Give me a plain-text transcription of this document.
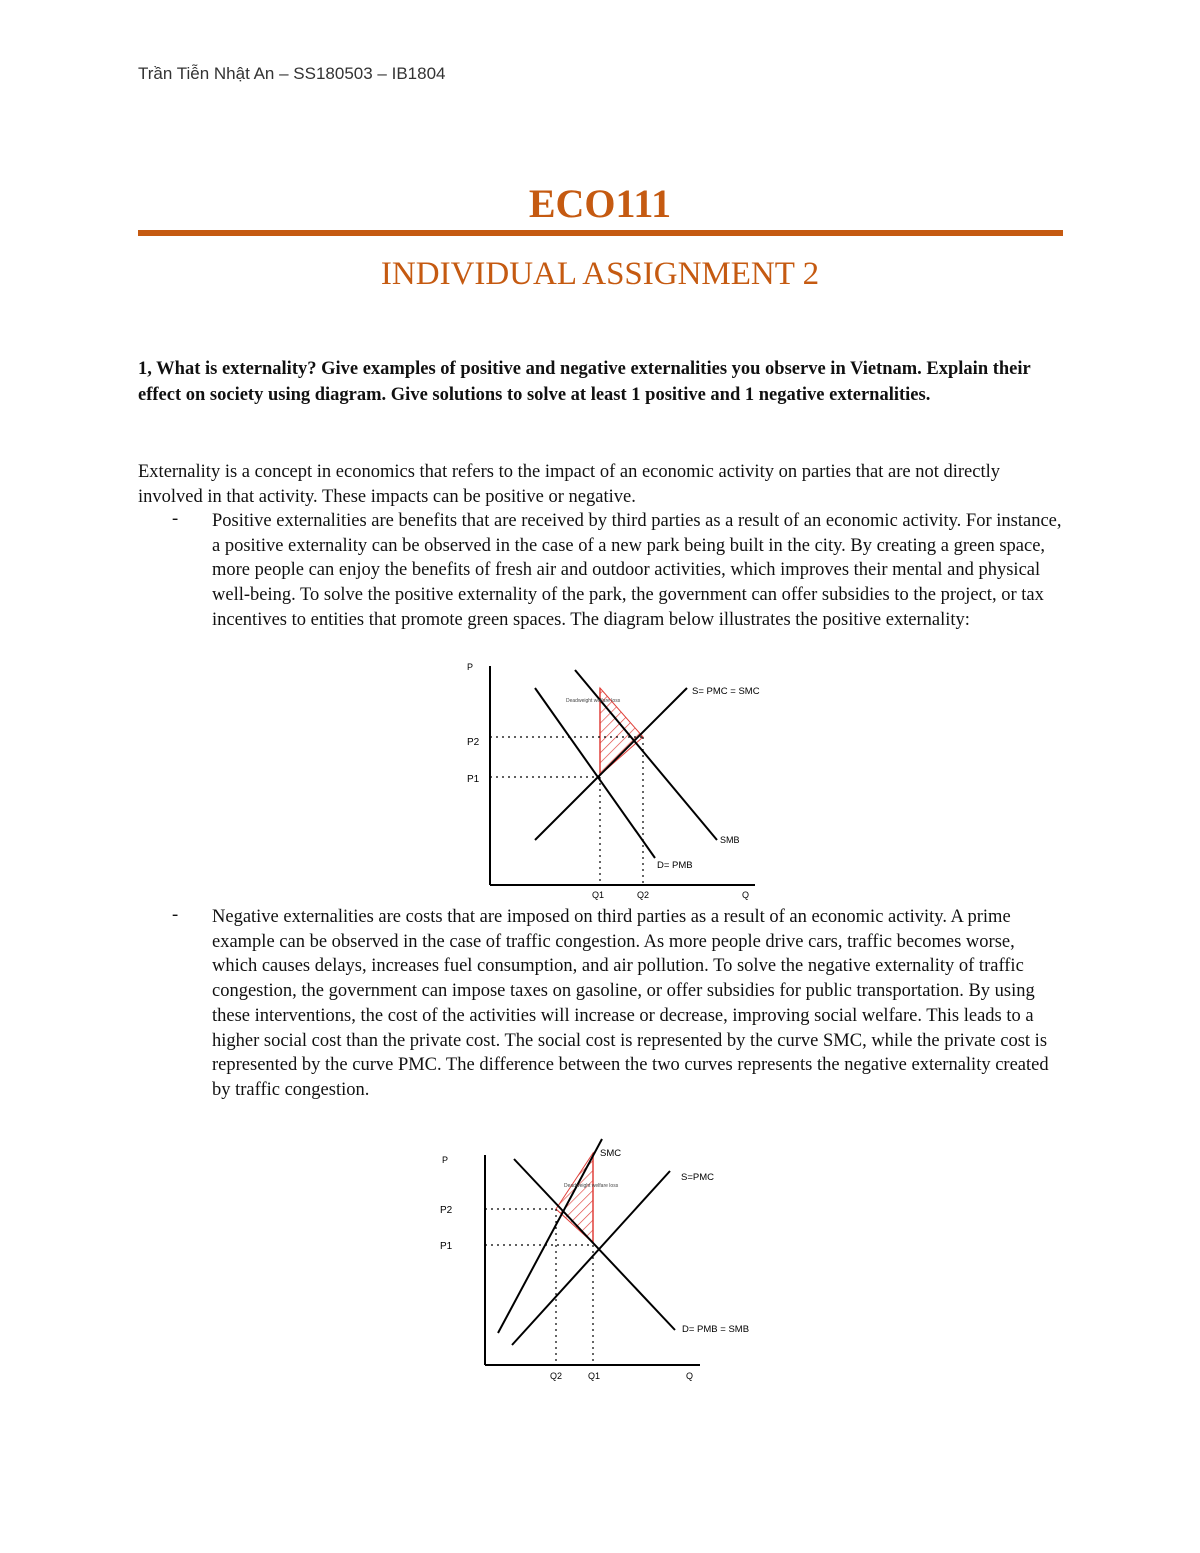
Trần Tiễn Nhật An – SS180503 – IB1804
ECO111
INDIVIDUAL ASSIGNMENT 2
1, What is externality? Give examples of positive and negative externalities you observe in Vietnam. Explain their effect on society using diagram. Give solutions to solve at least 1 positive and 1 negative externalities.
Externality is a concept in economics that refers to the impact of an economic activity on parties that are not directly involved in that activity. These impacts can be positive or negative.
- Positive externalities are benefits that are received by third parties as a result of an economic activity. For instance, a positive externality can be observed in the case of a new park being built in the city. By creating a green space, more people can enjoy the benefits of fresh air and outdoor activities, which improves their mental and physical well-being. To solve the positive externality of the park, the government can offer subsidies to the project, or tax incentives to entities that promote green spaces. The diagram below illustrates the positive externality:
P
Q
P2
P1
Q1	Q2
S= PMC = SMC
SMB
D= PMB
Deadweight welfare loss
- Negative externalities are costs that are imposed on third parties as a result of an economic activity. A prime example can be observed in the case of traffic congestion. As more people drive cars, traffic becomes worse, which causes delays, increases fuel consumption, and air pollution. To solve the negative externality of traffic congestion, the government can impose taxes on gasoline, or offer subsidies for public transportation. By using these interventions, the cost of the activities will increase or decrease, improving social welfare. This leads to a higher social cost than the private cost. The social cost is represented by the curve SMC, while the private cost is represented by the curve PMC. The difference between the two curves represents the negative externality created by traffic congestion.
P
Q
P2
P1
Q2	Q1
SMC
S=PMC
D= PMB = SMB
Deadweight welfare loss
